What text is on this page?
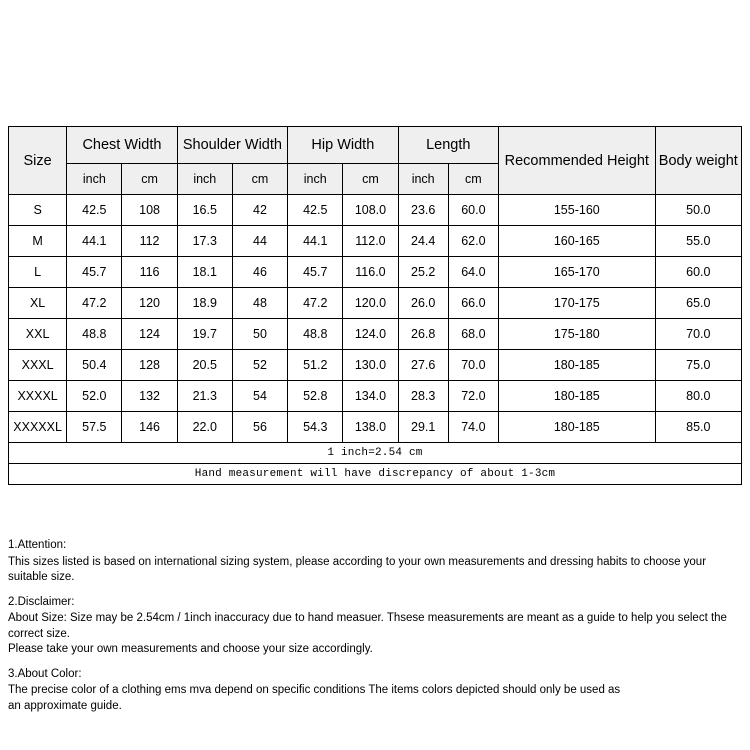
Size	Chest Width		Shoulder Width		Hip Width		Length		Recommended Height	Body weight
	inch	cm	inch	cm	inch	cm	inch	cm		
S	42.5	108	16.5	42	42.5	108.0	23.6	60.0	155-160	50.0
M	44.1	112	17.3	44	44.1	112.0	24.4	62.0	160-165	55.0
L	45.7	116	18.1	46	45.7	116.0	25.2	64.0	165-170	60.0
XL	47.2	120	18.9	48	47.2	120.0	26.0	66.0	170-175	65.0
XXL	48.8	124	19.7	50	48.8	124.0	26.8	68.0	175-180	70.0
XXXL	50.4	128	20.5	52	51.2	130.0	27.6	70.0	180-185	75.0
XXXXL	52.0	132	21.3	54	52.8	134.0	28.3	72.0	180-185	80.0
XXXXXL	57.5	146	22.0	56	54.3	138.0	29.1	74.0	180-185	85.0
1 inch=2.54 cm										
Hand measurement will have discrepancy of about 1-3cm										

1.Attention:

This sizes listed is based on international sizing system, please according to your own measurements and dressing habits to choose your suitable size.

2.Disclaimer:

About Size: Size may be 2.54cm / 1inch inaccuracy due to hand measuer. Thsese measurements are meant as a guide to help you select the correct size.

Please take your own measurements and choose your size accordingly.

3.About Color:

The precise color of a clothing ems mva depend on specific conditions The items colors depicted should only be used as

an approximate guide.
